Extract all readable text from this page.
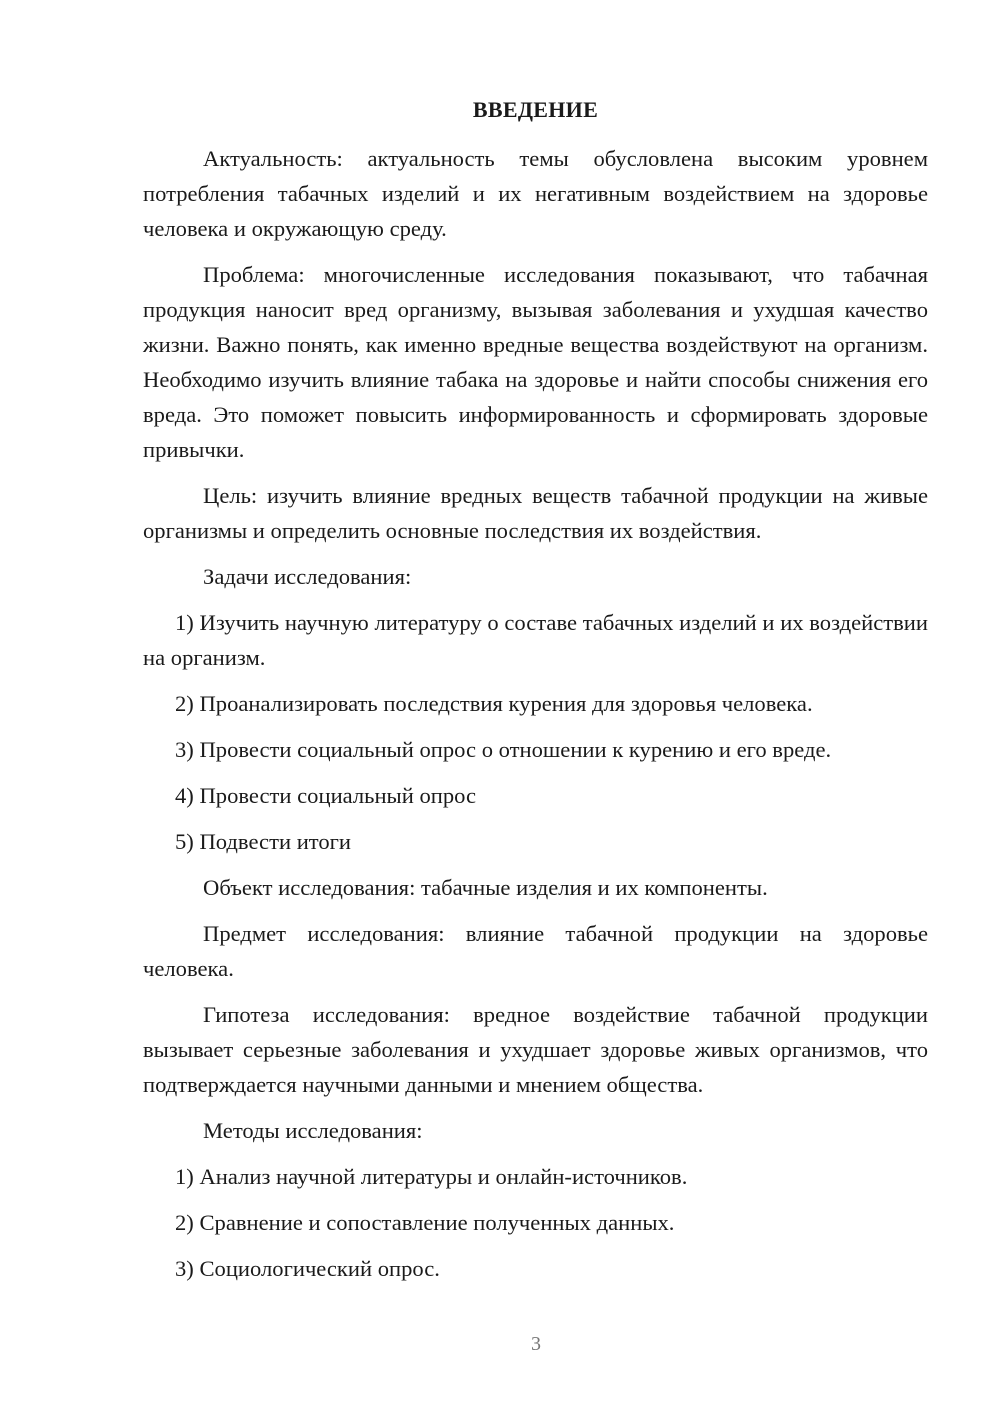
ВВЕДЕНИЕ

Актуальность: актуальность темы обусловлена высоким уровнем потребления табачных изделий и их негативным воздействием на здоровье человека и окружающую среду.

Проблема: многочисленные исследования показывают, что табачная продукция наносит вред организму, вызывая заболевания и ухудшая качество жизни. Важно понять, как именно вредные вещества воздействуют на организм. Необходимо изучить влияние табака на здоровье и найти способы снижения его вреда. Это поможет повысить информированность и сформировать здоровые привычки.

Цель: изучить влияние вредных веществ табачной продукции на живые организмы и определить основные последствия их воздействия.

Задачи исследования:

1) Изучить научную литературу о составе табачных изделий и их воздействии на организм.

2) Проанализировать последствия курения для здоровья человека.

3) Провести социальный опрос о отношении к курению и его вреде.

4) Провести социальный опрос

5) Подвести итоги

Объект исследования: табачные изделия и их компоненты.

Предмет исследования: влияние табачной продукции на здоровье человека.

Гипотеза исследования: вредное воздействие табачной продукции вызывает серьезные заболевания и ухудшает здоровье живых организмов, что подтверждается научными данными и мнением общества.

Методы исследования:

1) Анализ научной литературы и онлайн-источников.

2) Сравнение и сопоставление полученных данных.

3) Социологический опрос.

3
